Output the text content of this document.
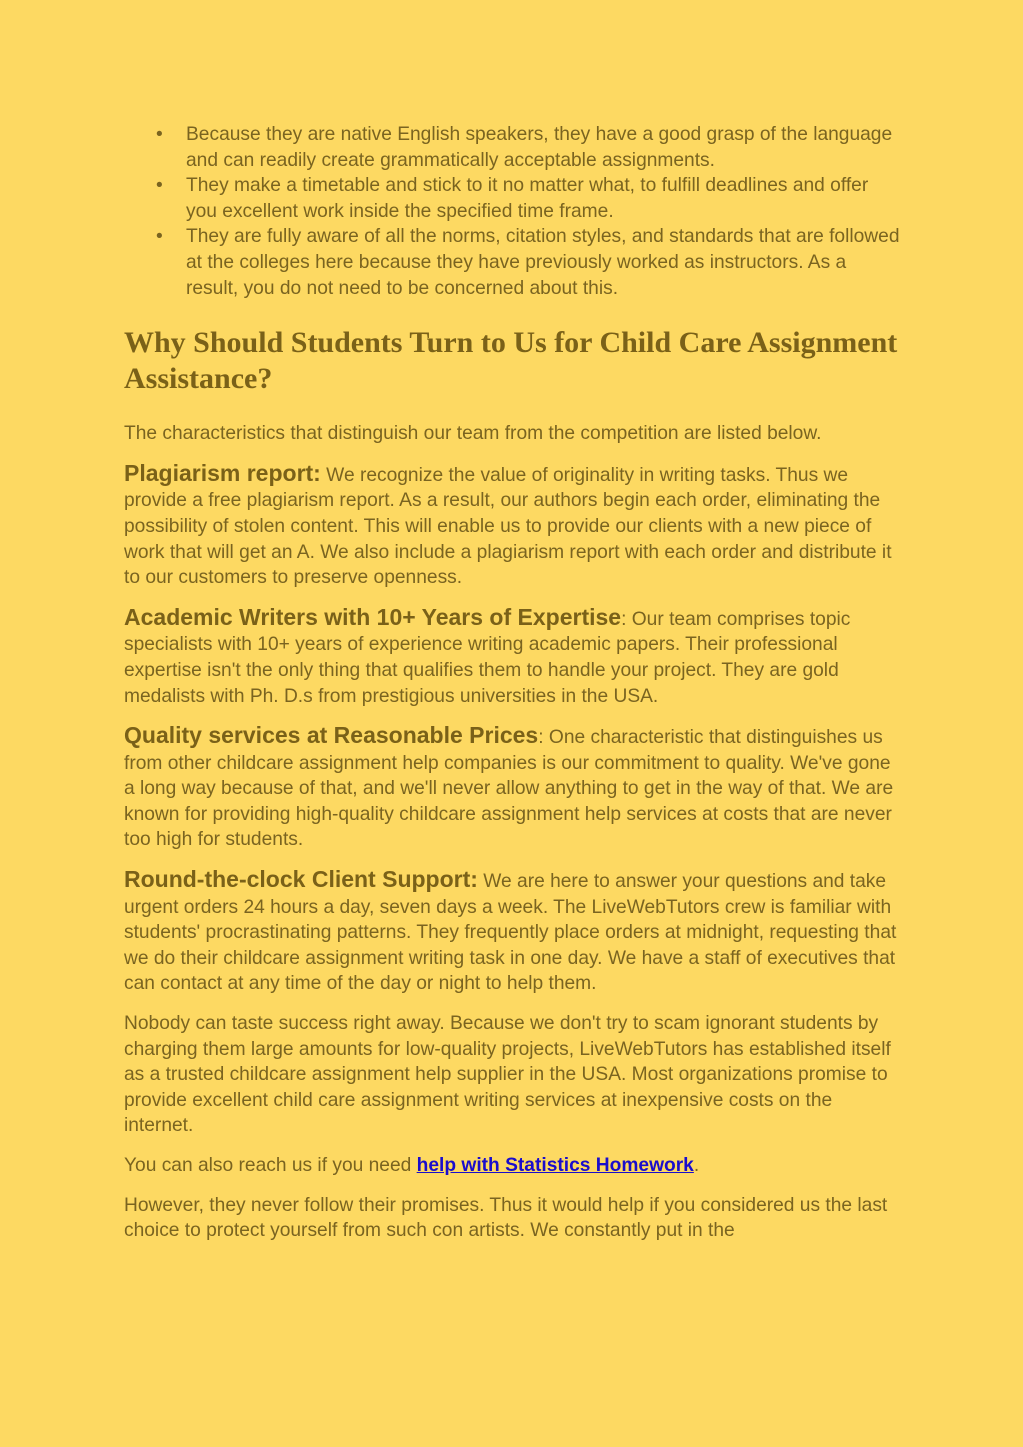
• Because they are native English speakers, they have a good grasp of the language and can readily create grammatically acceptable assignments.
• They make a timetable and stick to it no matter what, to fulfill deadlines and offer you excellent work inside the specified time frame.
• They are fully aware of all the norms, citation styles, and standards that are followed at the colleges here because they have previously worked as instructors. As a result, you do not need to be concerned about this.
Why Should Students Turn to Us for Child Care Assignment Assistance?

The characteristics that distinguish our team from the competition are listed below.

Plagiarism report: We recognize the value of originality in writing tasks. Thus we provide a free plagiarism report. As a result, our authors begin each order, eliminating the possibility of stolen content. This will enable us to provide our clients with a new piece of work that will get an A. We also include a plagiarism report with each order and distribute it to our customers to preserve openness.

Academic Writers with 10+ Years of Expertise: Our team comprises topic specialists with 10+ years of experience writing academic papers. Their professional expertise isn't the only thing that qualifies them to handle your project. They are gold medalists with Ph. D.s from prestigious universities in the USA.

Quality services at Reasonable Prices: One characteristic that distinguishes us from other childcare assignment help companies is our commitment to quality. We've gone a long way because of that, and we'll never allow anything to get in the way of that. We are known for providing high-quality childcare assignment help services at costs that are never too high for students.

Round-the-clock Client Support: We are here to answer your questions and take urgent orders 24 hours a day, seven days a week. The LiveWebTutors crew is familiar with students' procrastinating patterns. They frequently place orders at midnight, requesting that we do their childcare assignment writing task in one day. We have a staff of executives that can contact at any time of the day or night to help them.

Nobody can taste success right away. Because we don't try to scam ignorant students by charging them large amounts for low-quality projects, LiveWebTutors has established itself as a trusted childcare assignment help supplier in the USA. Most organizations promise to provide excellent child care assignment writing services at inexpensive costs on the internet.

You can also reach us if you need help with Statistics Homework.

However, they never follow their promises. Thus it would help if you considered us the last choice to protect yourself from such con artists. We constantly put in the
